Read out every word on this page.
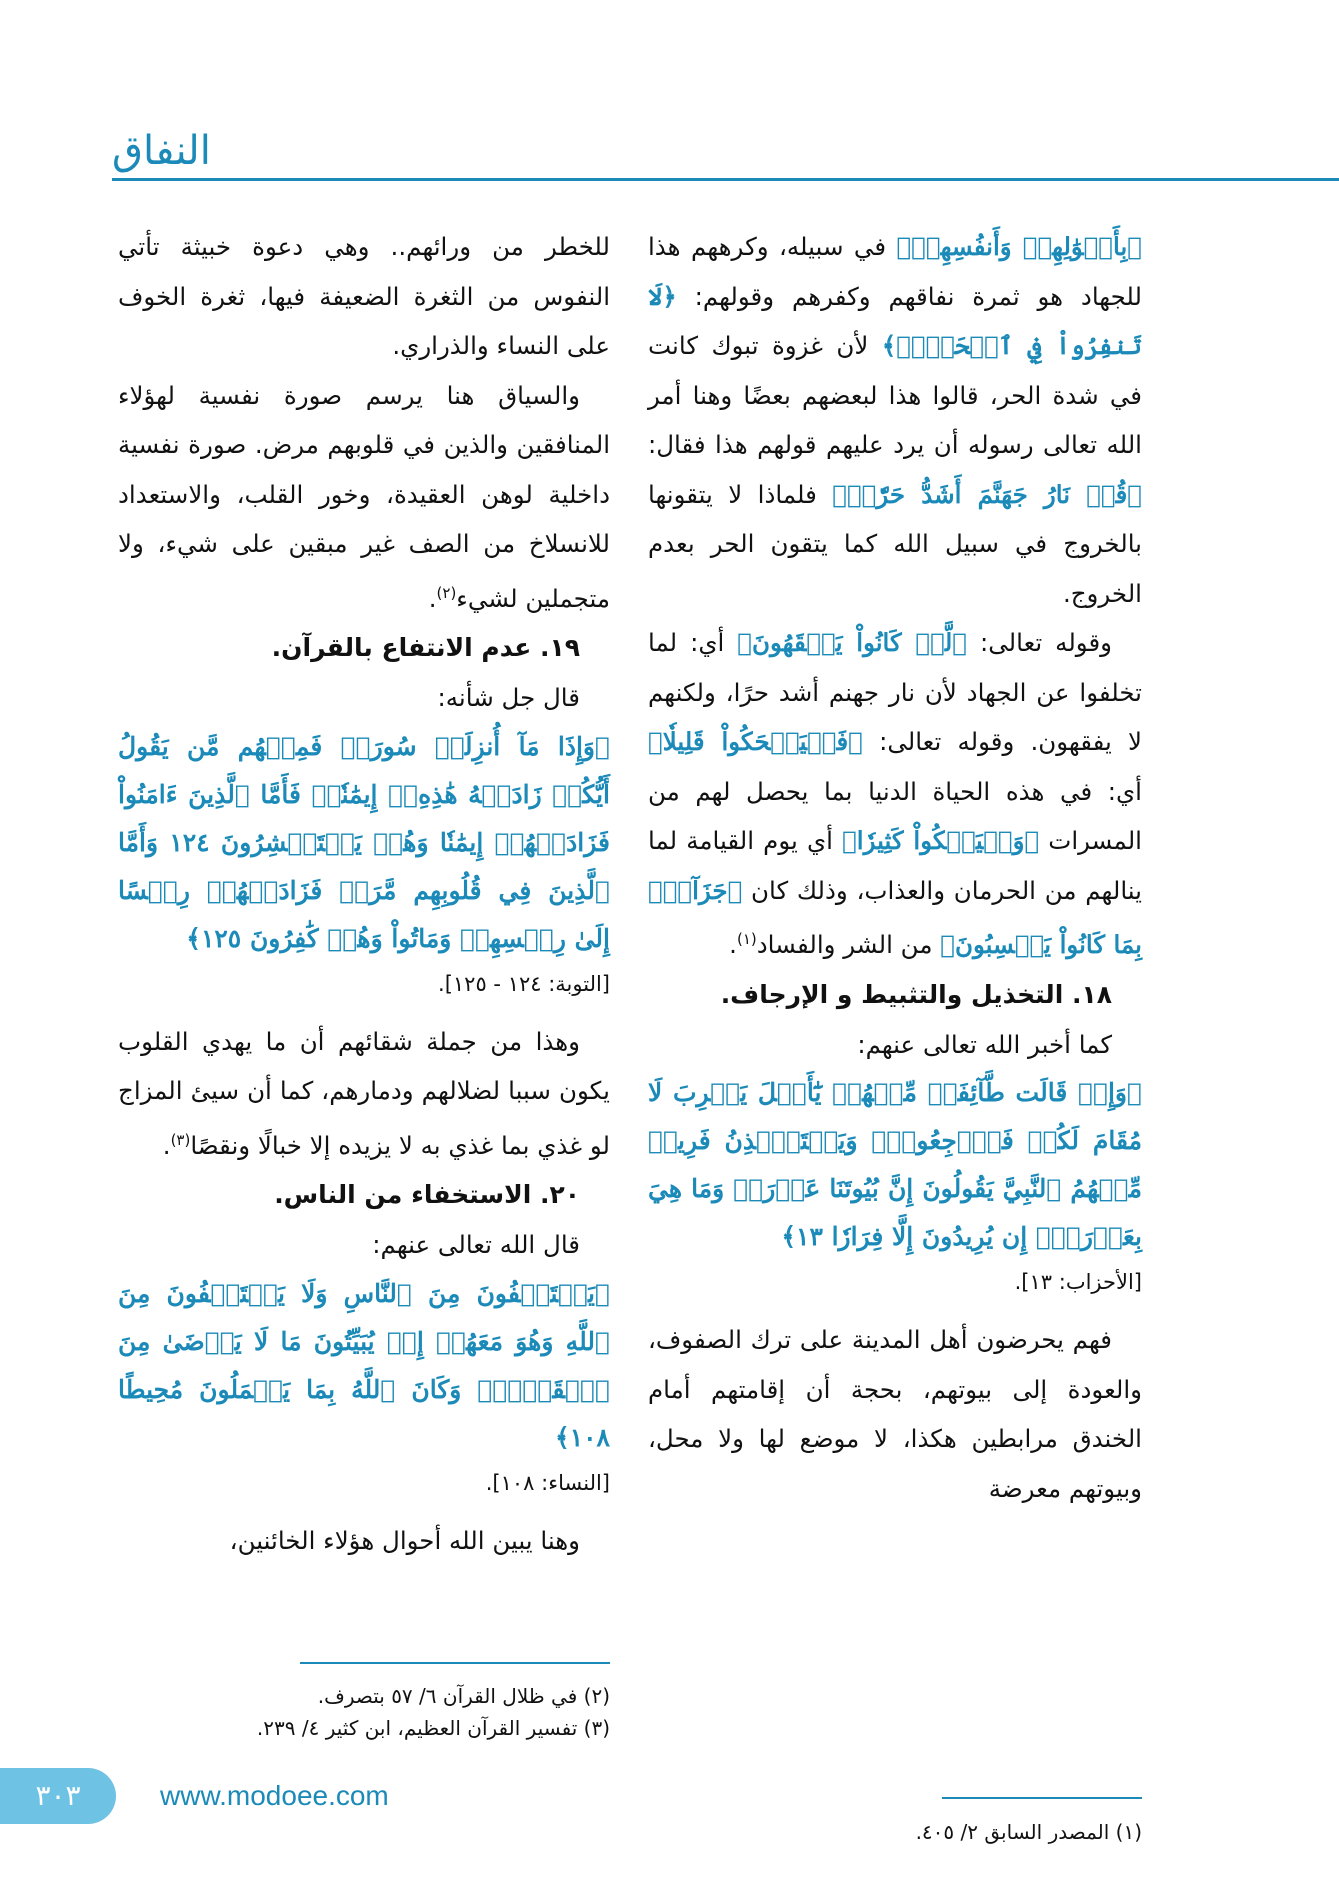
النفاق

﴿بِأَمۡوَٰلِهِمۡ وَأَنفُسِهِمۡ﴾ في سبيله، وكرههم هذا للجهاد هو ثمرة نفاقهم وكفرهم وقولهم: ﴿لَا تَنفِرُواْ فِي ٱلۡحَرِّۗ﴾ لأن غزوة تبوك كانت في شدة الحر، قالوا هذا لبعضهم بعضًا وهنا أمر الله تعالى رسوله أن يرد عليهم قولهم هذا فقال: ﴿قُلۡ نَارُ جَهَنَّمَ أَشَدُّ حَرّٗاۚ﴾ فلماذا لا يتقونها بالخروج في سبيل الله كما يتقون الحر بعدم الخروج.

وقوله تعالى: ﴿لَّوۡ كَانُواْ يَفۡقَهُونَ﴾ أي: لما تخلفوا عن الجهاد لأن نار جهنم أشد حرًا، ولكنهم لا يفقهون. وقوله تعالى: ﴿فَلۡيَضۡحَكُواْ قَلِيلٗا﴾ أي: في هذه الحياة الدنيا بما يحصل لهم من المسرات ﴿وَلۡيَبۡكُواْ كَثِيرٗا﴾ أي يوم القيامة لما ينالهم من الحرمان والعذاب، وذلك كان ﴿جَزَآءَۢ بِمَا كَانُواْ يَكۡسِبُونَ﴾ من الشر والفساد$^{(١)}$.

١٨. التخذيل والتثبيط و الإرجاف.

كما أخبر الله تعالى عنهم:

﴿وَإِذۡ قَالَت طَّآئِفَةٞ مِّنۡهُمۡ يَٰٓأَهۡلَ يَثۡرِبَ لَا مُقَامَ لَكُمۡ فَٱرۡجِعُواْۚ وَيَسۡتَـٔۡذِنُ فَرِيقٞ مِّنۡهُمُ ٱلنَّبِيَّ يَقُولُونَ إِنَّ بُيُوتَنَا عَوۡرَةٞ وَمَا هِيَ بِعَوۡرَةٍۖ إِن يُرِيدُونَ إِلَّا فِرَارٗا ١٣﴾

[الأحزاب: ١٣].

فهم يحرضون أهل المدينة على ترك الصفوف، والعودة إلى بيوتهم، بحجة أن إقامتهم أمام الخندق مرابطين هكذا، لا موضع لها ولا محل، وبيوتهم معرضة

للخطر من ورائهم.. وهي دعوة خبيثة تأتي النفوس من الثغرة الضعيفة فيها، ثغرة الخوف على النساء والذراري.

والسياق هنا يرسم صورة نفسية لهؤلاء المنافقين والذين في قلوبهم مرض. صورة نفسية داخلية لوهن العقيدة، وخور القلب، والاستعداد للانسلاخ من الصف غير مبقين على شيء، ولا متجملين لشيء$^{(٢)}$.

١٩. عدم الانتفاع بالقرآن.

قال جل شأنه:

﴿وَإِذَا مَآ أُنزِلَتۡ سُورَةٞ فَمِنۡهُم مَّن يَقُولُ أَيُّكُمۡ زَادَتۡهُ هَٰذِهِۦٓ إِيمَٰنٗاۚ فَأَمَّا ٱلَّذِينَ ءَامَنُواْ فَزَادَتۡهُمۡ إِيمَٰنٗا وَهُمۡ يَسۡتَبۡشِرُونَ ١٢٤ وَأَمَّا ٱلَّذِينَ فِي قُلُوبِهِم مَّرَضٞ فَزَادَتۡهُمۡ رِجۡسًا إِلَىٰ رِجۡسِهِمۡ وَمَاتُواْ وَهُمۡ كَٰفِرُونَ ١٢٥﴾

[التوبة: ١٢٤ - ١٢٥].

وهذا من جملة شقائهم أن ما يهدي القلوب يكون سببا لضلالهم ودمارهم، كما أن سيئ المزاج لو غذي بما غذي به لا يزيده إلا خبالًا ونقصًا$^{(٣)}$.

٢٠. الاستخفاء من الناس.

قال الله تعالى عنهم:

﴿يَسۡتَخۡفُونَ مِنَ ٱلنَّاسِ وَلَا يَسۡتَخۡفُونَ مِنَ ٱللَّهِ وَهُوَ مَعَهُمۡ إِذۡ يُبَيِّتُونَ مَا لَا يَرۡضَىٰ مِنَ ٱلۡقَوۡلِۚ وَكَانَ ٱللَّهُ بِمَا يَعۡمَلُونَ مُحِيطًا ١٠٨﴾

[النساء: ١٠٨].

وهنا يبين الله أحوال هؤلاء الخائنين،

(٢) في ظلال القرآن ٦/ ٥٧ بتصرف.

(٣) تفسير القرآن العظيم، ابن كثير ٤/ ٢٣٩.

(١) المصدر السابق ٢/ ٤٠٥.

٣٠٣	www.modoee.com
